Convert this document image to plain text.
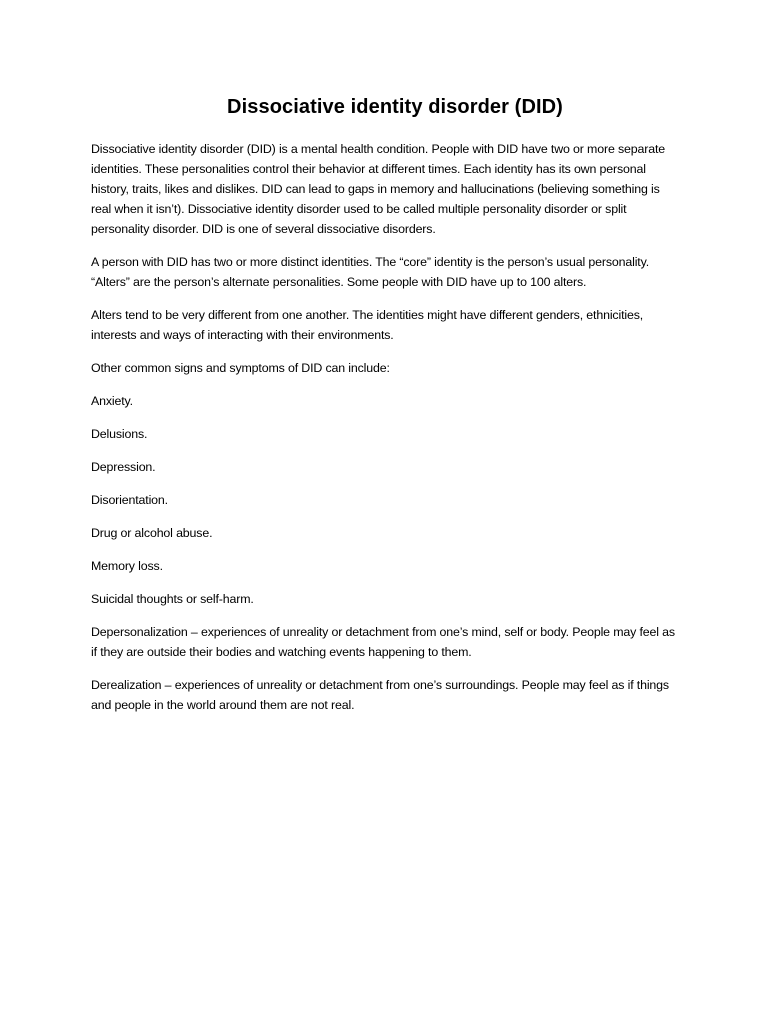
Dissociative identity disorder (DID)

Dissociative identity disorder (DID) is a mental health condition. People with DID have two or more separate identities. These personalities control their behavior at different times. Each identity has its own personal history, traits, likes and dislikes. DID can lead to gaps in memory and hallucinations (believing something is real when it isn’t). Dissociative identity disorder used to be called multiple personality disorder or split personality disorder. DID is one of several dissociative disorders.

A person with DID has two or more distinct identities. The “core” identity is the person’s usual personality. “Alters” are the person’s alternate personalities. Some people with DID have up to 100 alters.

Alters tend to be very different from one another. The identities might have different genders, ethnicities, interests and ways of interacting with their environments.

Other common signs and symptoms of DID can include:

Anxiety.

Delusions.

Depression.

Disorientation.

Drug or alcohol abuse.

Memory loss.

Suicidal thoughts or self-harm.

Depersonalization – experiences of unreality or detachment from one’s mind, self or body. People may feel as if they are outside their bodies and watching events happening to them.

Derealization – experiences of unreality or detachment from one’s surroundings. People may feel as if things and people in the world around them are not real.
